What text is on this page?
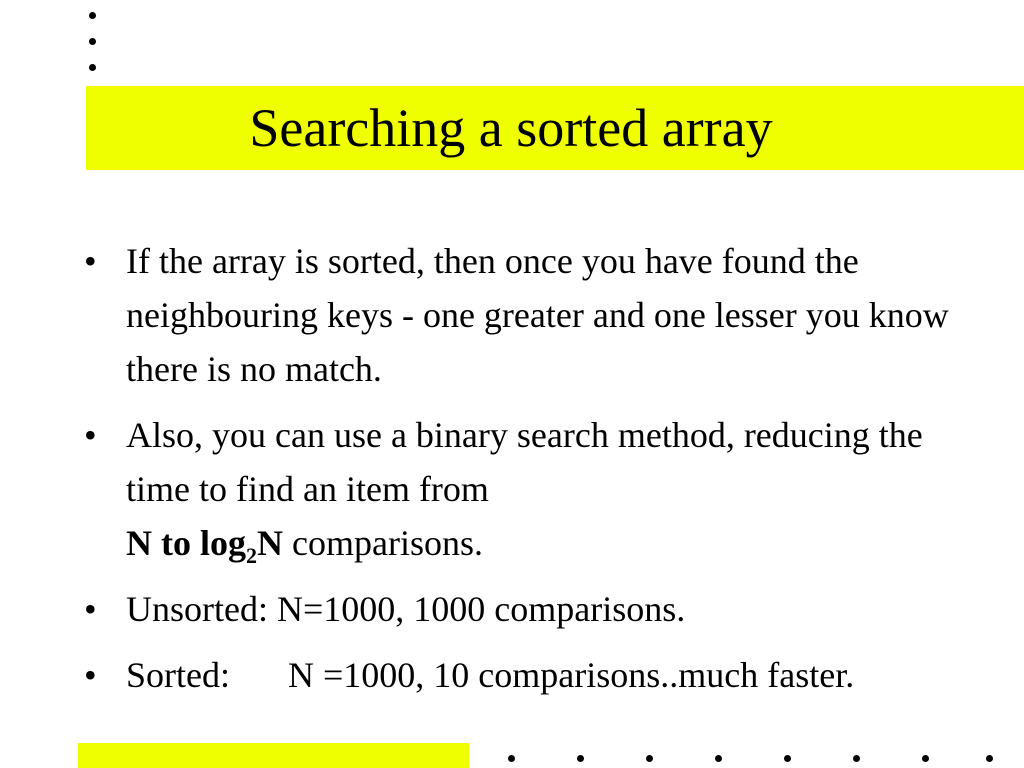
Searching a sorted array
• If the array is sorted, then once you have found the neighbouring keys - one greater and one lesser you know there is no match.
• Also, you can use a binary search method, reducing the time to find an item from
N to $\log_2N$ comparisons.
• Unsorted: N=1000, 1000 comparisons.
• Sorted: N =1000, 10 comparisons..much faster.
